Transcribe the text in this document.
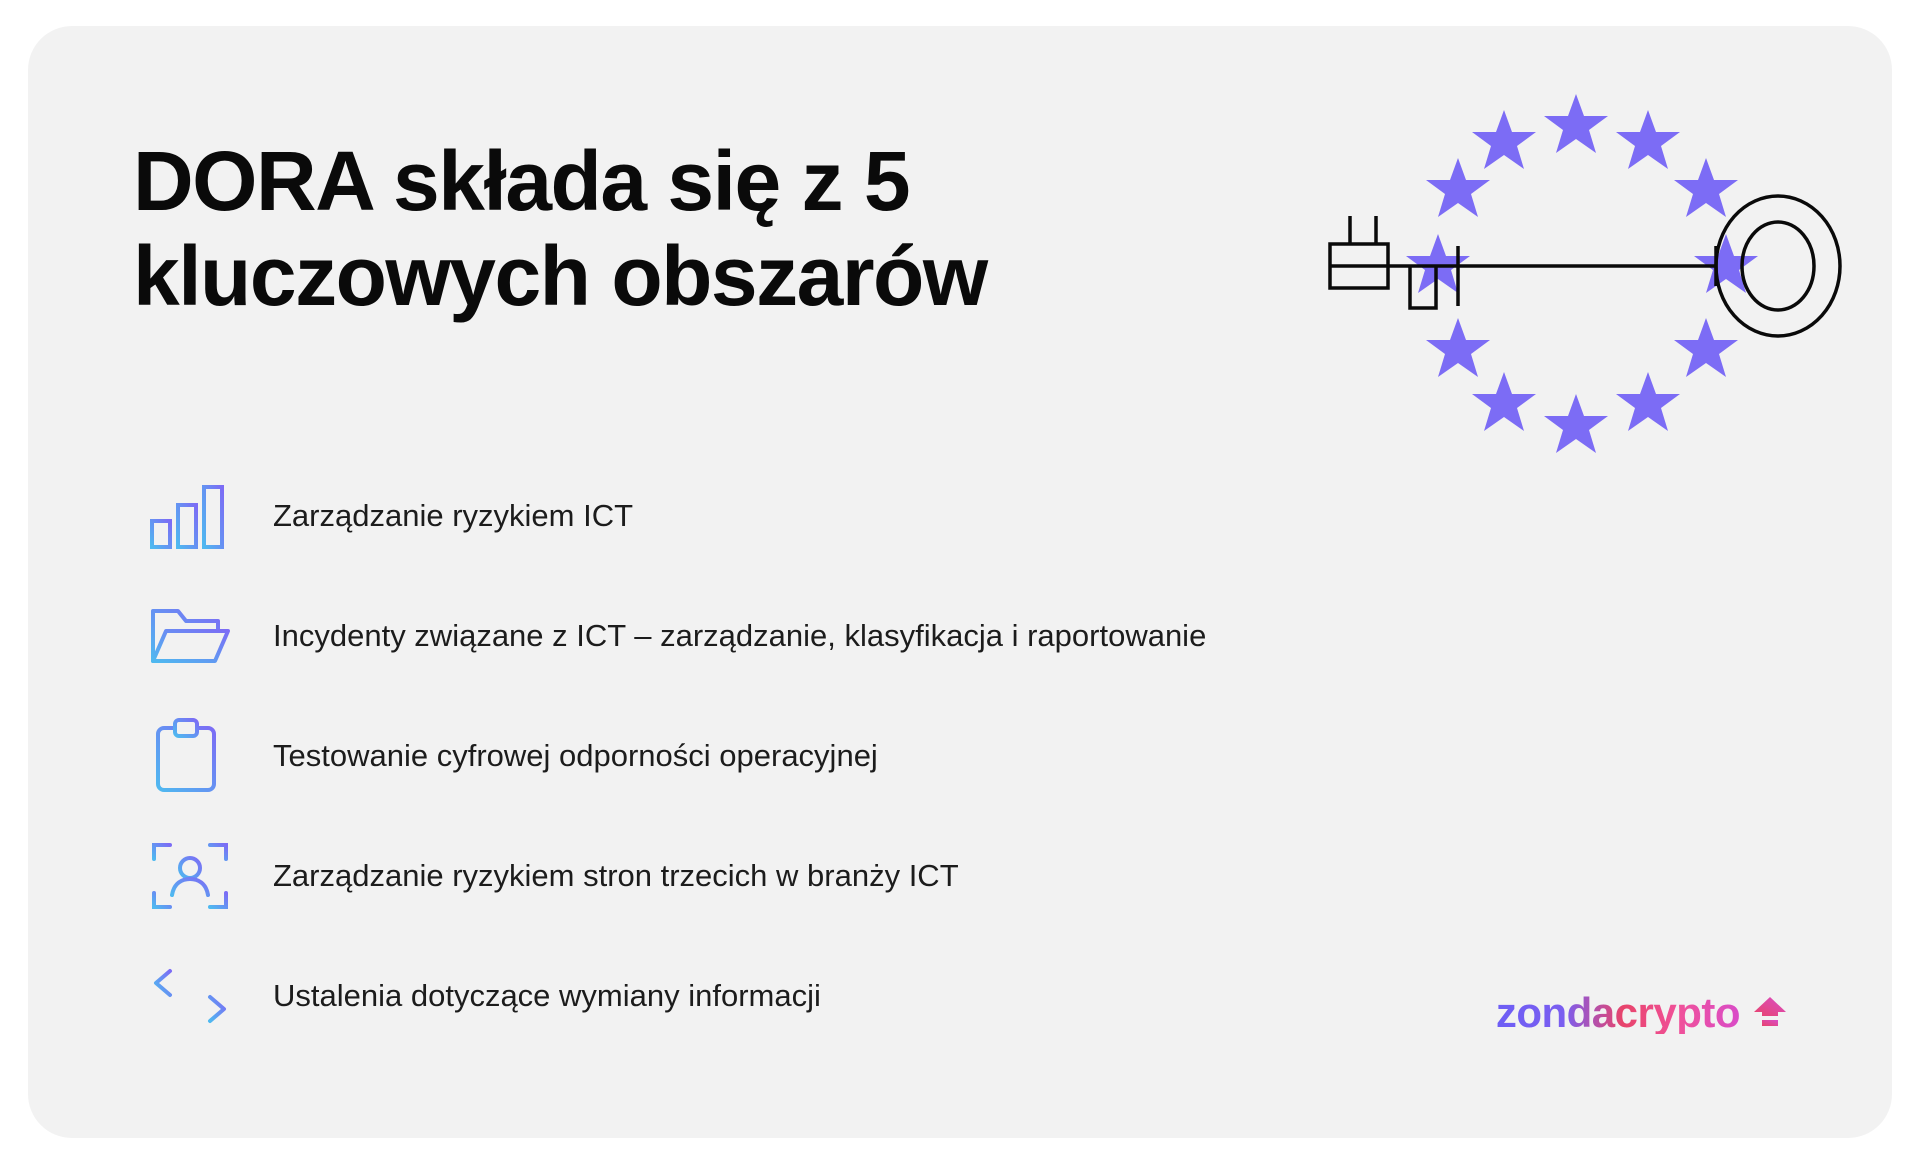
DORA składa się z 5 kluczowych obszarów
Zarządzanie ryzykiem ICT
Incydenty związane z ICT – zarządzanie, klasyfikacja i raportowanie
Testowanie cyfrowej odporności operacyjnej
Zarządzanie ryzykiem stron trzecich w branży ICT
Ustalenia dotyczące wymiany informacji	zondacrypto
